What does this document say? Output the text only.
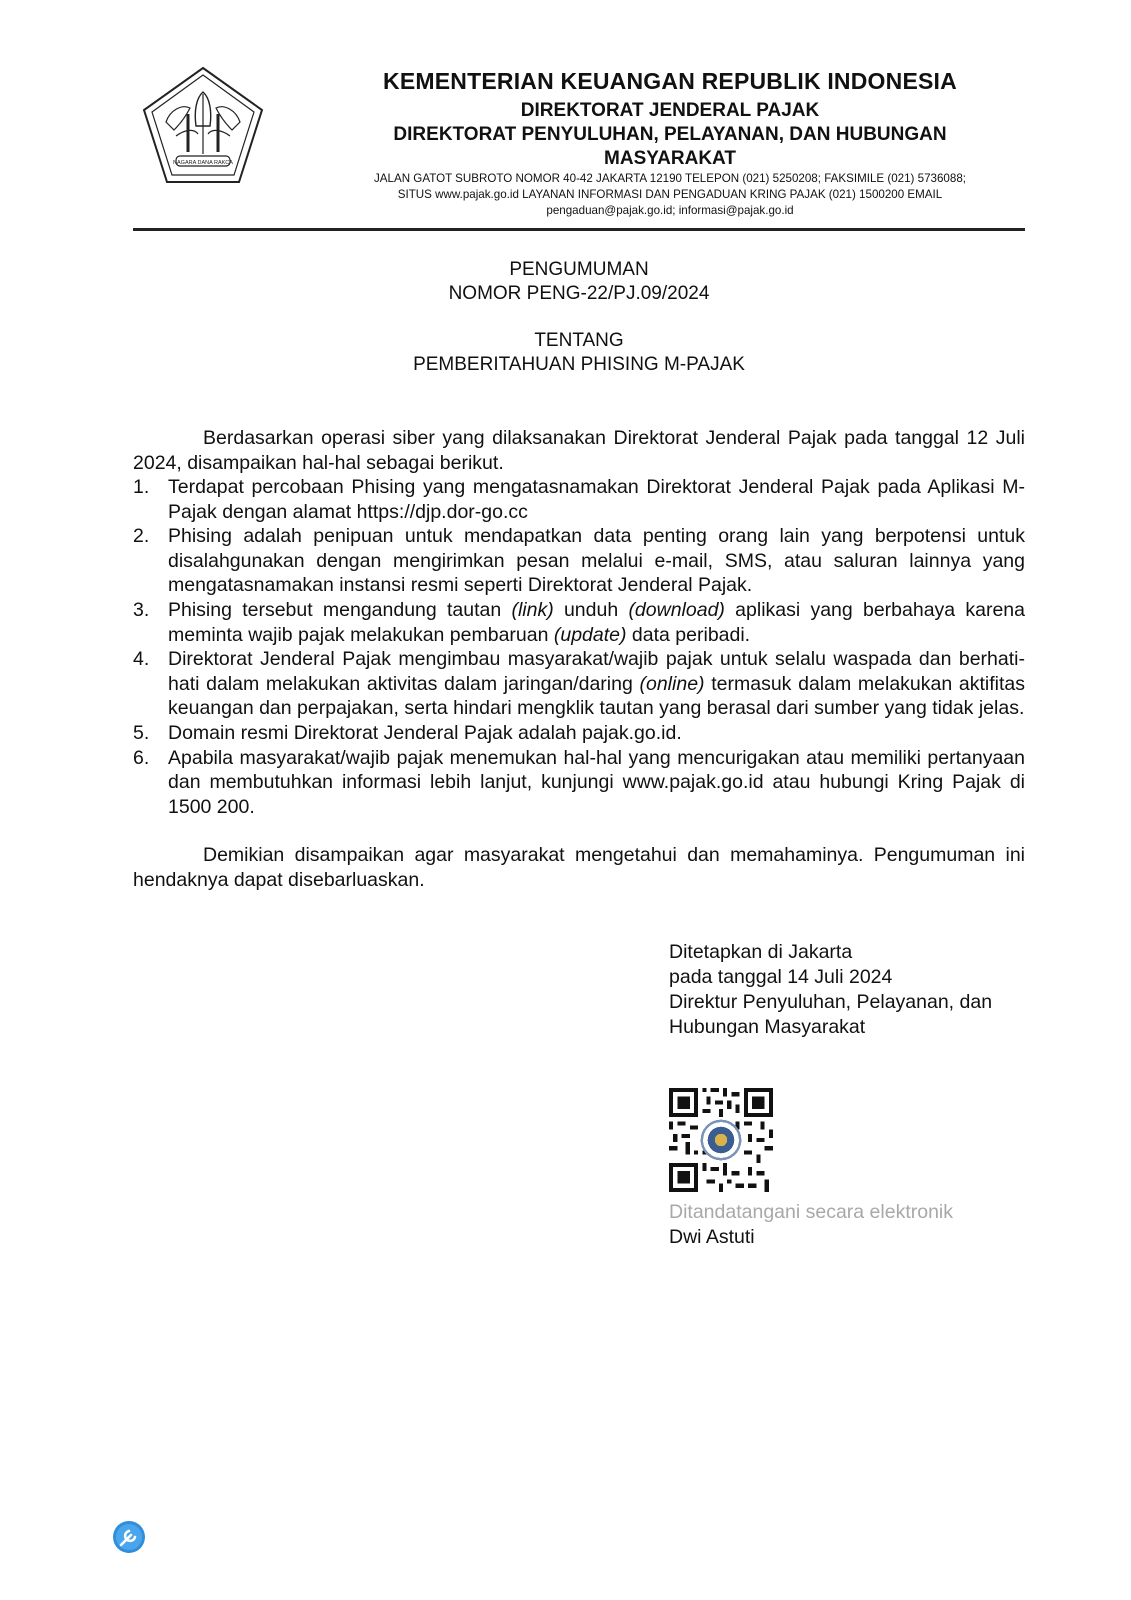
NAGARA DANA RAKCA
KEMENTERIAN KEUANGAN REPUBLIK INDONESIA
DIREKTORAT JENDERAL PAJAK
DIREKTORAT PENYULUHAN, PELAYANAN, DAN HUBUNGAN
MASYARAKAT
JALAN GATOT SUBROTO NOMOR 40-42 JAKARTA 12190 TELEPON (021) 5250208; FAKSIMILE (021) 5736088;
SITUS www.pajak.go.id LAYANAN INFORMASI DAN PENGADUAN KRING PAJAK (021) 1500200 EMAIL
pengaduan@pajak.go.id; informasi@pajak.go.id
PENGUMUMAN
NOMOR PENG-22/PJ.09/2024
TENTANG
PEMBERITAHUAN PHISING M-PAJAK
Berdasarkan operasi siber yang dilaksanakan Direktorat Jenderal Pajak pada tanggal 12 Juli 2024, disampaikan hal-hal sebagai berikut.
1. Terdapat percobaan Phising yang mengatasnamakan Direktorat Jenderal Pajak pada Aplikasi M-Pajak dengan alamat https://djp.dor-go.cc
2. Phising adalah penipuan untuk mendapatkan data penting orang lain yang berpotensi untuk disalahgunakan dengan mengirimkan pesan melalui e-mail, SMS, atau saluran lainnya yang mengatasnamakan instansi resmi seperti Direktorat Jenderal Pajak.
3. Phising tersebut mengandung tautan (link) unduh (download) aplikasi yang berbahaya karena meminta wajib pajak melakukan pembaruan (update) data peribadi.
4. Direktorat Jenderal Pajak mengimbau masyarakat/wajib pajak untuk selalu waspada dan berhati-hati dalam melakukan aktivitas dalam jaringan/daring (online) termasuk dalam melakukan aktifitas keuangan dan perpajakan, serta hindari mengklik tautan yang berasal dari sumber yang tidak jelas.
5. Domain resmi Direktorat Jenderal Pajak adalah pajak.go.id.
6. Apabila masyarakat/wajib pajak menemukan hal-hal yang mencurigakan atau memiliki pertanyaan dan membutuhkan informasi lebih lanjut, kunjungi www.pajak.go.id atau hubungi Kring Pajak di 1500 200.
Demikian disampaikan agar masyarakat mengetahui dan memahaminya. Pengumuman ini hendaknya dapat disebarluaskan.
Ditetapkan di Jakarta
pada tanggal 14 Juli 2024
Direktur Penyuluhan, Pelayanan, dan
Hubungan Masyarakat
Ditandatangani secara elektronik
Dwi Astuti
